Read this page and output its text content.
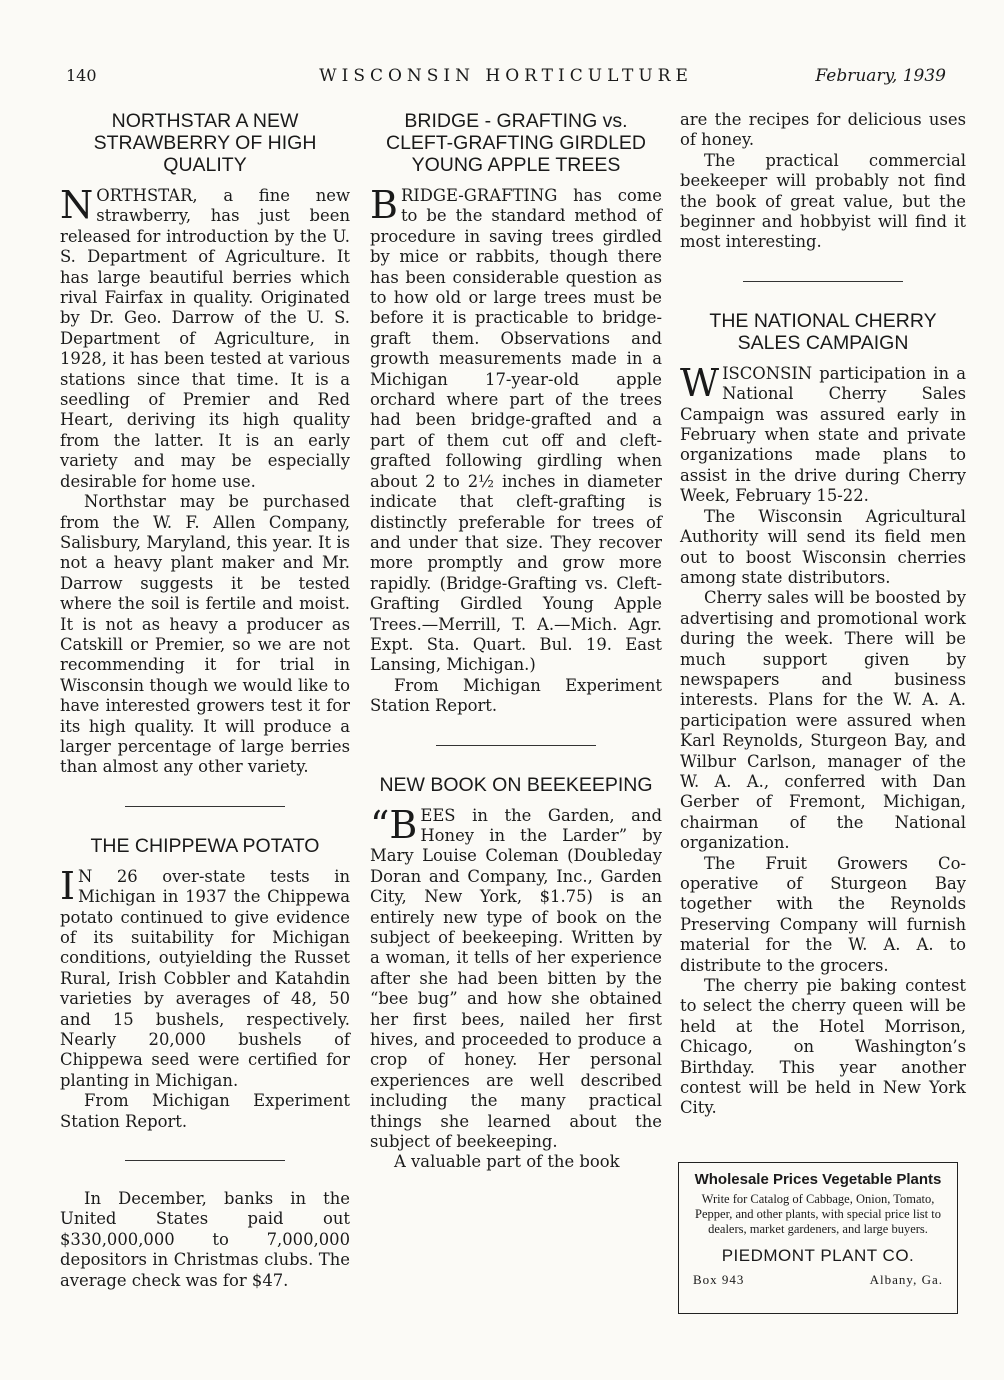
140	WISCONSIN HORTICULTURE	February, 1939
NORTHSTAR A NEW STRAWBERRY OF HIGH QUALITY

NORTHSTAR, a fine new strawberry, has just been released for introduction by the U. S. Department of Agriculture. It has large beautiful berries which rival Fairfax in quality. Originated by Dr. Geo. Darrow of the U. S. Department of Agriculture, in 1928, it has been tested at various stations since that time. It is a seedling of Premier and Red Heart, deriving its high quality from the latter. It is an early variety and may be especially desirable for home use.

Northstar may be purchased from the W. F. Allen Company, Salisbury, Maryland, this year. It is not a heavy plant maker and Mr. Darrow suggests it be tested where the soil is fertile and moist. It is not as heavy a producer as Catskill or Premier, so we are not recommending it for trial in Wisconsin though we would like to have interested growers test it for its high quality. It will produce a larger percentage of large berries than almost any other variety.

THE CHIPPEWA POTATO

I N 26 over-state tests in Michigan in 1937 the Chippewa potato continued to give evidence of its suitability for Michigan conditions, outyielding the Russet Rural, Irish Cobbler and Katahdin varieties by averages of 48, 50 and 15 bushels, respectively. Nearly 20,000 bushels of Chippewa seed were certified for planting in Michigan.

From Michigan Experiment Station Report.

In December, banks in the United States paid out $330,000,000 to 7,000,000 depositors in Christmas clubs. The average check was for $47.

BRIDGE - GRAFTING vs. CLEFT-GRAFTING GIRDLED YOUNG APPLE TREES

BRIDGE-GRAFTING has come to be the standard method of procedure in saving trees girdled by mice or rabbits, though there has been considerable question as to how old or large trees must be before it is practicable to bridge-graft them. Observations and growth measurements made in a Michigan 17-year-old apple orchard where part of the trees had been bridge-grafted and a part of them cut off and cleft-grafted following girdling when about 2 to 2½ inches in diameter indicate that cleft-grafting is distinctly preferable for trees of and under that size. They recover more promptly and grow more rapidly. (Bridge-Grafting vs. Cleft-Grafting Girdled Young Apple Trees.—Merrill, T. A.—Mich. Agr. Expt. Sta. Quart. Bul. 19. East Lansing, Michigan.)

From Michigan Experiment Station Report.

NEW BOOK ON BEEKEEPING

“BEES in the Garden, and Honey in the Larder” by Mary Louise Coleman (Doubleday Doran and Company, Inc., Garden City, New York, $1.75) is an entirely new type of book on the subject of beekeeping. Written by a woman, it tells of her experience after she had been bitten by the “bee bug” and how she obtained her first bees, nailed her first hives, and proceeded to produce a crop of honey. Her personal experiences are well described including the many practical things she learned about the subject of beekeeping.

A valuable part of the book

are the recipes for delicious uses of honey.

The practical commercial beekeeper will probably not find the book of great value, but the beginner and hobbyist will find it most interesting.

THE NATIONAL CHERRY SALES CAMPAIGN

WISCONSIN participation in a National Cherry Sales Campaign was assured early in February when state and private organizations made plans to assist in the drive during Cherry Week, February 15-22.

The Wisconsin Agricultural Authority will send its field men out to boost Wisconsin cherries among state distributors.

Cherry sales will be boosted by advertising and promotional work during the week. There will be much support given by newspapers and business interests. Plans for the W. A. A. participation were assured when Karl Reynolds, Sturgeon Bay, and Wilbur Carlson, manager of the W. A. A., conferred with Dan Gerber of Fremont, Michigan, chairman of the National organization.

The Fruit Growers Co-operative of Sturgeon Bay together with the Reynolds Preserving Company will furnish material for the W. A. A. to distribute to the grocers.

The cherry pie baking contest to select the cherry queen will be held at the Hotel Morrison, Chicago, on Washington’s Birthday. This year another contest will be held in New York City.

Wholesale Prices Vegetable Plants
Write for Catalog of Cabbage, Onion, Tomato, Pepper, and other plants, with special price list to dealers, market gardeners, and large buyers.
PIEDMONT PLANT CO.
Box 943	Albany, Ga.
